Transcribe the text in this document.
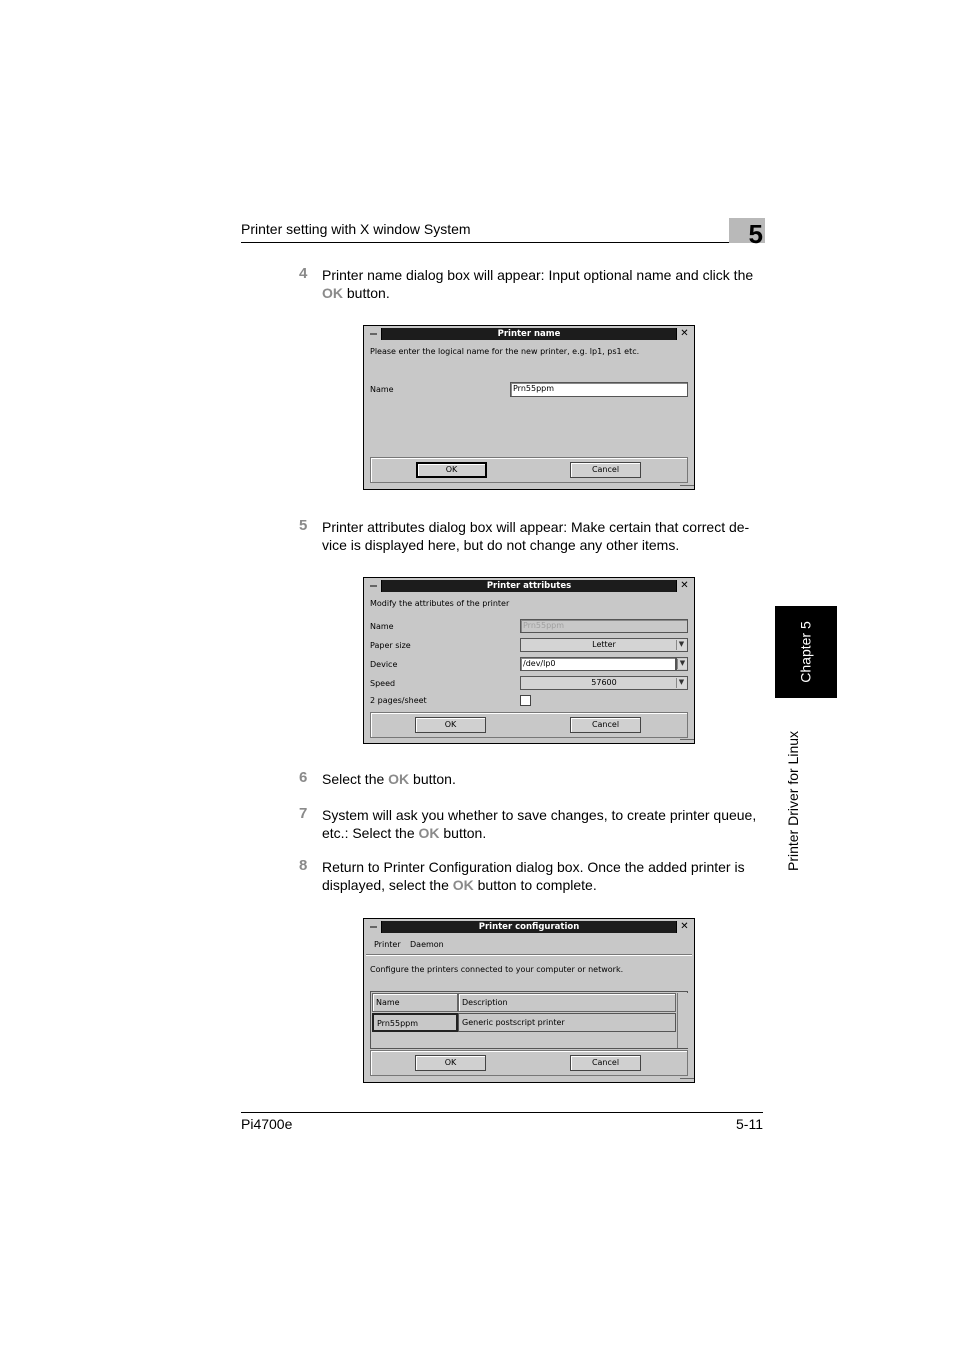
Printer setting with X window System	5
4 Printer name dialog box will appear: Input optional name and click the
OK button.
Printer name	✕
Please enter the logical name for the new printer, e.g. lp1, ps1 etc.
Name	Prn55ppm
OK	Cancel
5 Printer attributes dialog box will appear: Make certain that correct de-
vice is displayed here, but do not change any other items.
Printer attributes	✕
Modify the attributes of the printer
Name	Prn55ppm
Paper size	Letter	▼
Device	/dev/lp0	▼
Speed	57600	▼
2 pages/sheet
OK	Cancel
6 Select the OK button.
7 System will ask you whether to save changes, to create printer queue,
etc.: Select the OK button.
8 Return to Printer Configuration dialog box. Once the added printer is
displayed, select the OK button to complete.
Printer configuration	✕
Printer Daemon
Configure the printers connected to your computer or network.
Name	Description
Prn55ppm	Generic postscript printer
OK	Cancel
Chapter 5
Printer Driver for Linux
Pi4700e	5-11
